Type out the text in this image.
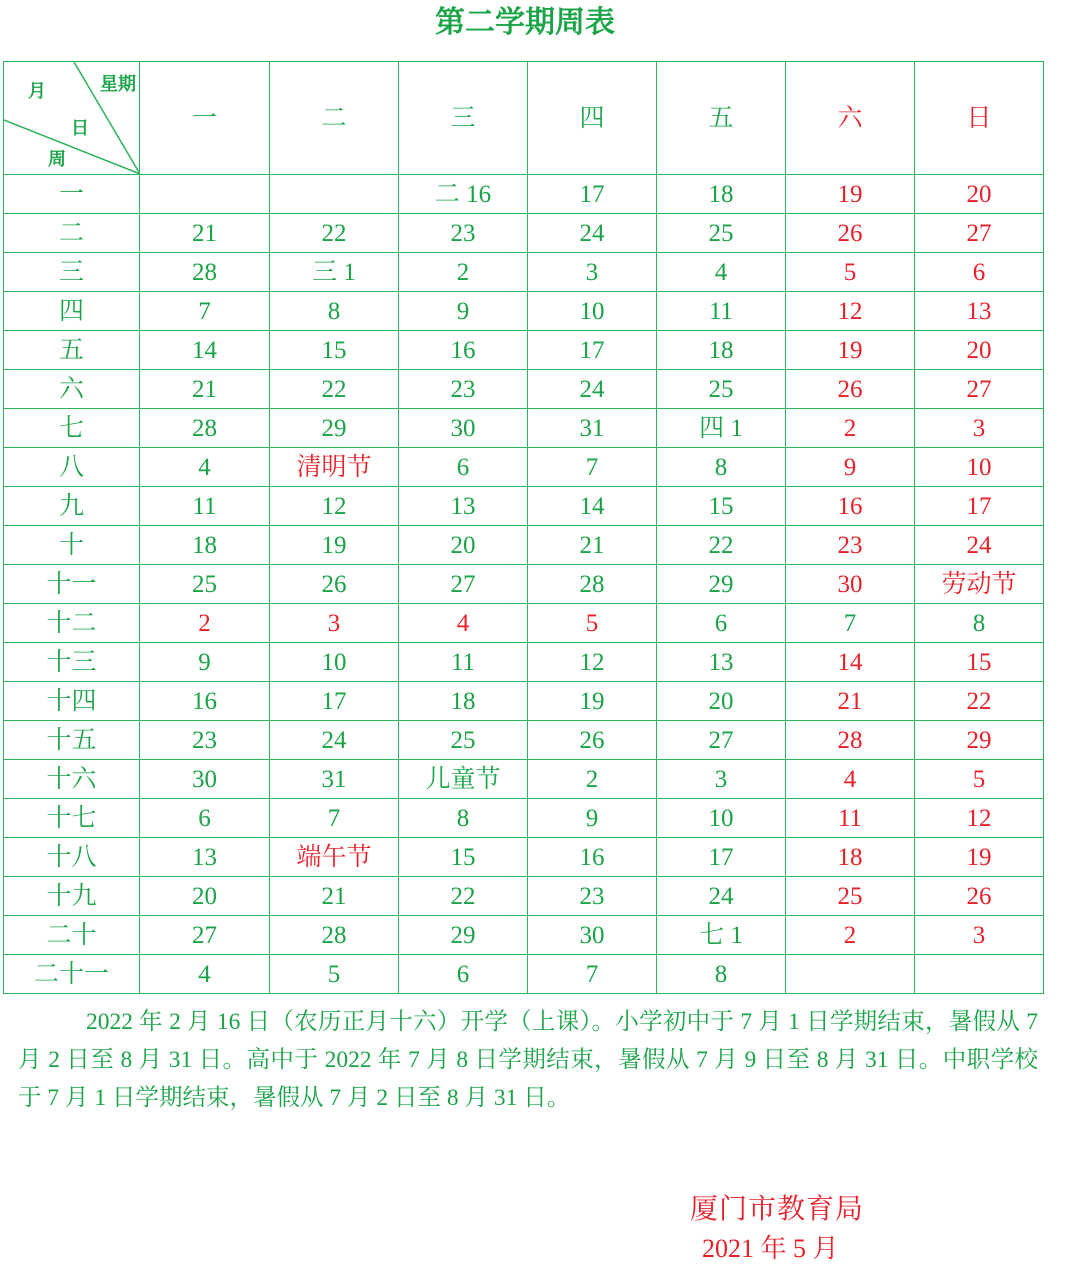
第二学期周表
月 星期
日
周	一	二	三	四	五	六	日
一			二 16	17	18	19	20
二	21	22	23	24	25	26	27
三	28	三 1	2	3	4	5	6
四	7	8	9	10	11	12	13
五	14	15	16	17	18	19	20
六	21	22	23	24	25	26	27
七	28	29	30	31	四 1	2	3
八	4	清明节	6	7	8	9	10
九	11	12	13	14	15	16	17
十	18	19	20	21	22	23	24
十一	25	26	27	28	29	30	劳动节
十二	2	3	4	5	6	7	8
十三	9	10	11	12	13	14	15
十四	16	17	18	19	20	21	22
十五	23	24	25	26	27	28	29
十六	30	31	儿童节	2	3	4	5
十七	6	7	8	9	10	11	12
十八	13	端午节	15	16	17	18	19
十九	20	21	22	23	24	25	26
二十	27	28	29	30	七 1	2	3
二十一	4	5	6	7	8		
2022 年 2 月 16 日（农历正月十六）开学（上课）。小学初中于 7 月 1 日学期结束，暑假从 7 月 2 日至 8 月 31 日。高中于 2022 年 7 月 8 日学期结束，暑假从 7 月 9 日至 8 月 31 日。中职学校于 7 月 1 日学期结束，暑假从 7 月 2 日至 8 月 31 日。
厦门市教育局
2021 年 5 月
